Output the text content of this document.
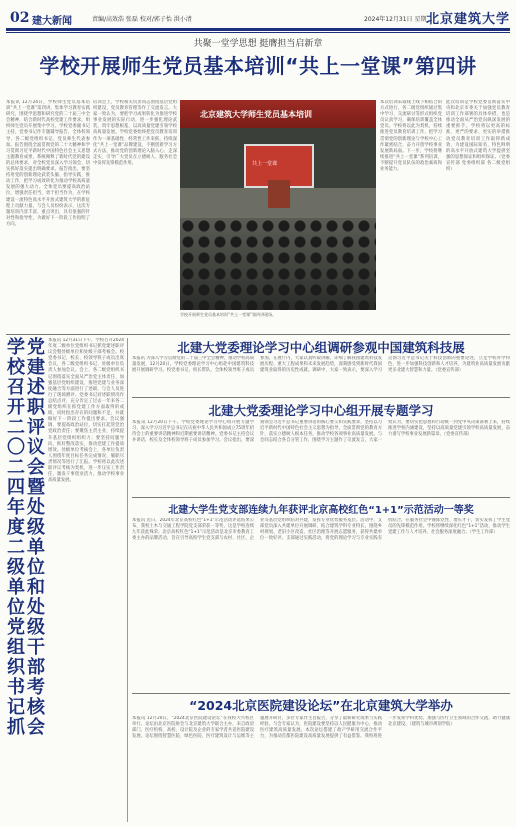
02 建大新闻	责编/高效浩 张磊 校对/郭子怡 洪小清	2024年12月31日 星期二
北京建筑大学
共聚一堂学思想 挺膺担当启新章
学校开展师生党员基本培训“共上一堂课”第四讲
本报讯 12月24日，学校师生党员基本培训“共上一堂课”第四讲，集体学习教育实践研究，围绕学思想和研究党的二十届三中全会精神，结合新时代高校党建工作要求，组织师生党员开展集中学习。学校党委副书记主持，党委书记作专题辅导报告，全体校领导、各二级党组织书记、党员师生代表参加。报告围绕全面贯彻党的二十大精神和学习贯彻习近平新时代中国特色社会主义思想主题教育成果，系统阐释了新时代党的建设的总体要求，对全校党员深入学习领会、切实抓好落实提出明确要求。报告指出，要坚持用党的创新理论武装头脑、指导实践、推动工作，把学习成效转化为推动学校高质量发展的强大动力。全体党员要提高政治站位，增强责任担当，勇于担当作为，在学校建设一流特色高水平开放式建筑大学的新征程上贡献力量。与会人员纷纷表示，这次专题培训内容丰富、重点突出，具有很强的针对性和指导性，为做好下一阶段工作指明了方向。
培训会上，学校相关负责同志围绕基层党组织建设、党员教育管理等作了交流发言。大家一致认为，要把学习成果转化为推进学校事业发展的实际行动，进一步强化理论武装，筑牢思想根基，以高质量党建引领学校高质量发展。学校党委始终把党员教育培训作为一项基础性、经常性工作来抓，持续深化“共上一堂课”品牌建设，不断创新学习方式方法，推动党的创新理论入脑入心、走深走实，引导广大党员在立德树人、服务社会中发挥先锋模范作用。
北京建筑大学师生党员基本培训
共上一堂课
学校开展师生党员基本培训“共上一堂课”第四讲现场。
本次培训采取线上线下相结合的方式进行，各二级党组织通过集中学习、交流研讨等形式组织党员认真学习，确保培训覆盖全体党员。学校将以此为契机，持续推进党员教育培训工作，把学习贯彻党的创新理论与学校中心工作紧密结合，奋力开创学校事业发展新局面。下一步，学校将继续推进“共上一堂课”系列培训，不断提升党员队伍的政治素质和业务能力。
此次培训是学校党委贯彻落实中央和北京市委关于加强党员教育培训工作部署的具体举措，也是推动全面从严治党向纵深发展的重要抓手。学校将以更高的标准、更严的要求、更实的举措推动党员教育培训工作取得新成效，为建设国际知名、特色鲜明的高水平开放式建筑大学提供坚强的思想保证和组织保证。（党委宣传部 党委组织部 各二级党组织）
学校召开二〇二四年度二级单位党组织书记抓
党建述职评议会暨处级单位和处级干部考核会
本报讯 12月31日下午，学校召开2024年度二级单位党组织书记抓党建述职评议会暨处级单位和处级干部考核会。校党委书记、校长、校领导班子成员出席会议，各二级党组织书记、处级单位负责人参加会议。会上，各二级党组织书记围绕落实全面从严治党主体责任、加强基层党组织建设、推进党建与业务深度融合等方面进行了述职，与会人员进行了现场测评。党委书记对述职情况作总结点评，充分肯定了过去一年来各二级党组织在抓党建工作方面取得的成绩，同时指出存在的问题和不足，并就做好下一阶段工作提出要求。会议强调，要提高政治站位，切实扛起管党治党政治责任；要聚焦主责主业，持续提升基层党组织组织力；要坚持问题导向，抓好整改落实，推动党建工作提质增效。处级单位考核会上，各单位负责人围绕年度目标任务完成情况、履职尽责情况等进行了汇报。学校将以此次述职评议考核为契机，进一步压实工作责任，激发干事创业活力，推动学校事业高质量发展。
北建大党委理论学习中心组调研参观中国建筑科技展
本报讯 为深入学习贯彻党的二十届三中全会精神，推动学校高质量发展，12月20日，学校党委理论学习中心组赴中国建筑科技展开展调研学习。校党委书记、校长带队，全体校领导班子成员参加。在展厅内，大家认真听取讲解，详细了解我国建筑科技发展历程、重大工程成果和未来发展趋势，深刻感受到新时代我国建筑业取得的历史性成就。调研中，大家一致表示，要深入学习贯彻习近平总书记关于科技创新的重要论述，立足学校办学特色，进一步加强科技创新和人才培养，为建筑业高质量发展贡献更多北建大智慧和力量。（党委宣传部）
北建大党委理论学习中心组开展专题学习
本报讯 12月20日下午，学校党委理论学习中心组开展专题学习，深入学习习近平总书记在庆祝中华人民共和国成立75周年招待会上的重要讲话精神和近期重要讲话精神。党委书记主持会议并讲话，校长及全体校领导班子成员参加学习。会议指出，要深刻领会习近平总书记重要讲话的核心要义和实践要求，坚持以习近平新时代中国特色社会主义思想为指导，全面贯彻党的教育方针，落实立德树人根本任务，推动学校各项事业高质量发展。与会同志结合各自分管工作，围绕学习主题作了交流发言，大家一致认为，要切实把思想和行动统一到党中央决策部署上来，持续推进学校内涵建设，坚持以高质量党建引领学校高质量发展，奋力谱写学校事业发展新篇章。（党委宣传部）
北建大学生党支部连续九年获评北京高校红色“1+1”示范活动一等奖
本报讯 近日，2024年北京高校红色“1+1”示范活动评选结果公布，我校土木与交通工程学院党支部荣获一等奖，这是学校连续九年获此殊荣。北京高校红色“1+1”示范活动是北京市委教育工委主办的品牌活动，旨在引导高校学生党支部与农村、社区、企业等基层党组织结对共建，发挥专业优势服务基层。活动中，支部党员深入共建单位开展调研，结合建筑学科专业特长，围绕乡村规划、老旧小区改造、社区治理等开展志愿服务，获得共建单位一致好评。支部通过实践活动，将党的理论学习与专业实践有机结合，在服务社会中锤炼党性、增长才干，切实发挥了学生党员的先锋模范作用。学校将继续深化红色“1+1”活动，推动学生党建工作与人才培养、社会服务深度融合。（学生工作部）
“2024北京医院建设论坛”在北京建筑大学举办
本报讯 12月20日，“2024北京医院建设论坛”在我校大兴校区举行。论坛由北京医院协会与北京建筑大学联合主办，来自政府部门、医疗机构、高校、设计院及企业的专家学者共话医院建设发展。论坛围绕智慧医院、绿色医院、医疗建筑设计与运维等主题展开研讨，多位专家作主旨报告，分享了最新研究成果与实践经验。与会专家认为，医院建设要坚持以人民健康为中心，推动医疗建筑高质量发展。本次论坛搭建了政产学研用交流合作平台，为推动首都医院建设高质量发展提供了有益借鉴。我校将进一步发挥学科优势，加强与医疗卫生领域的合作交流，助力健康北京建设。（建筑与城市规划学院）
